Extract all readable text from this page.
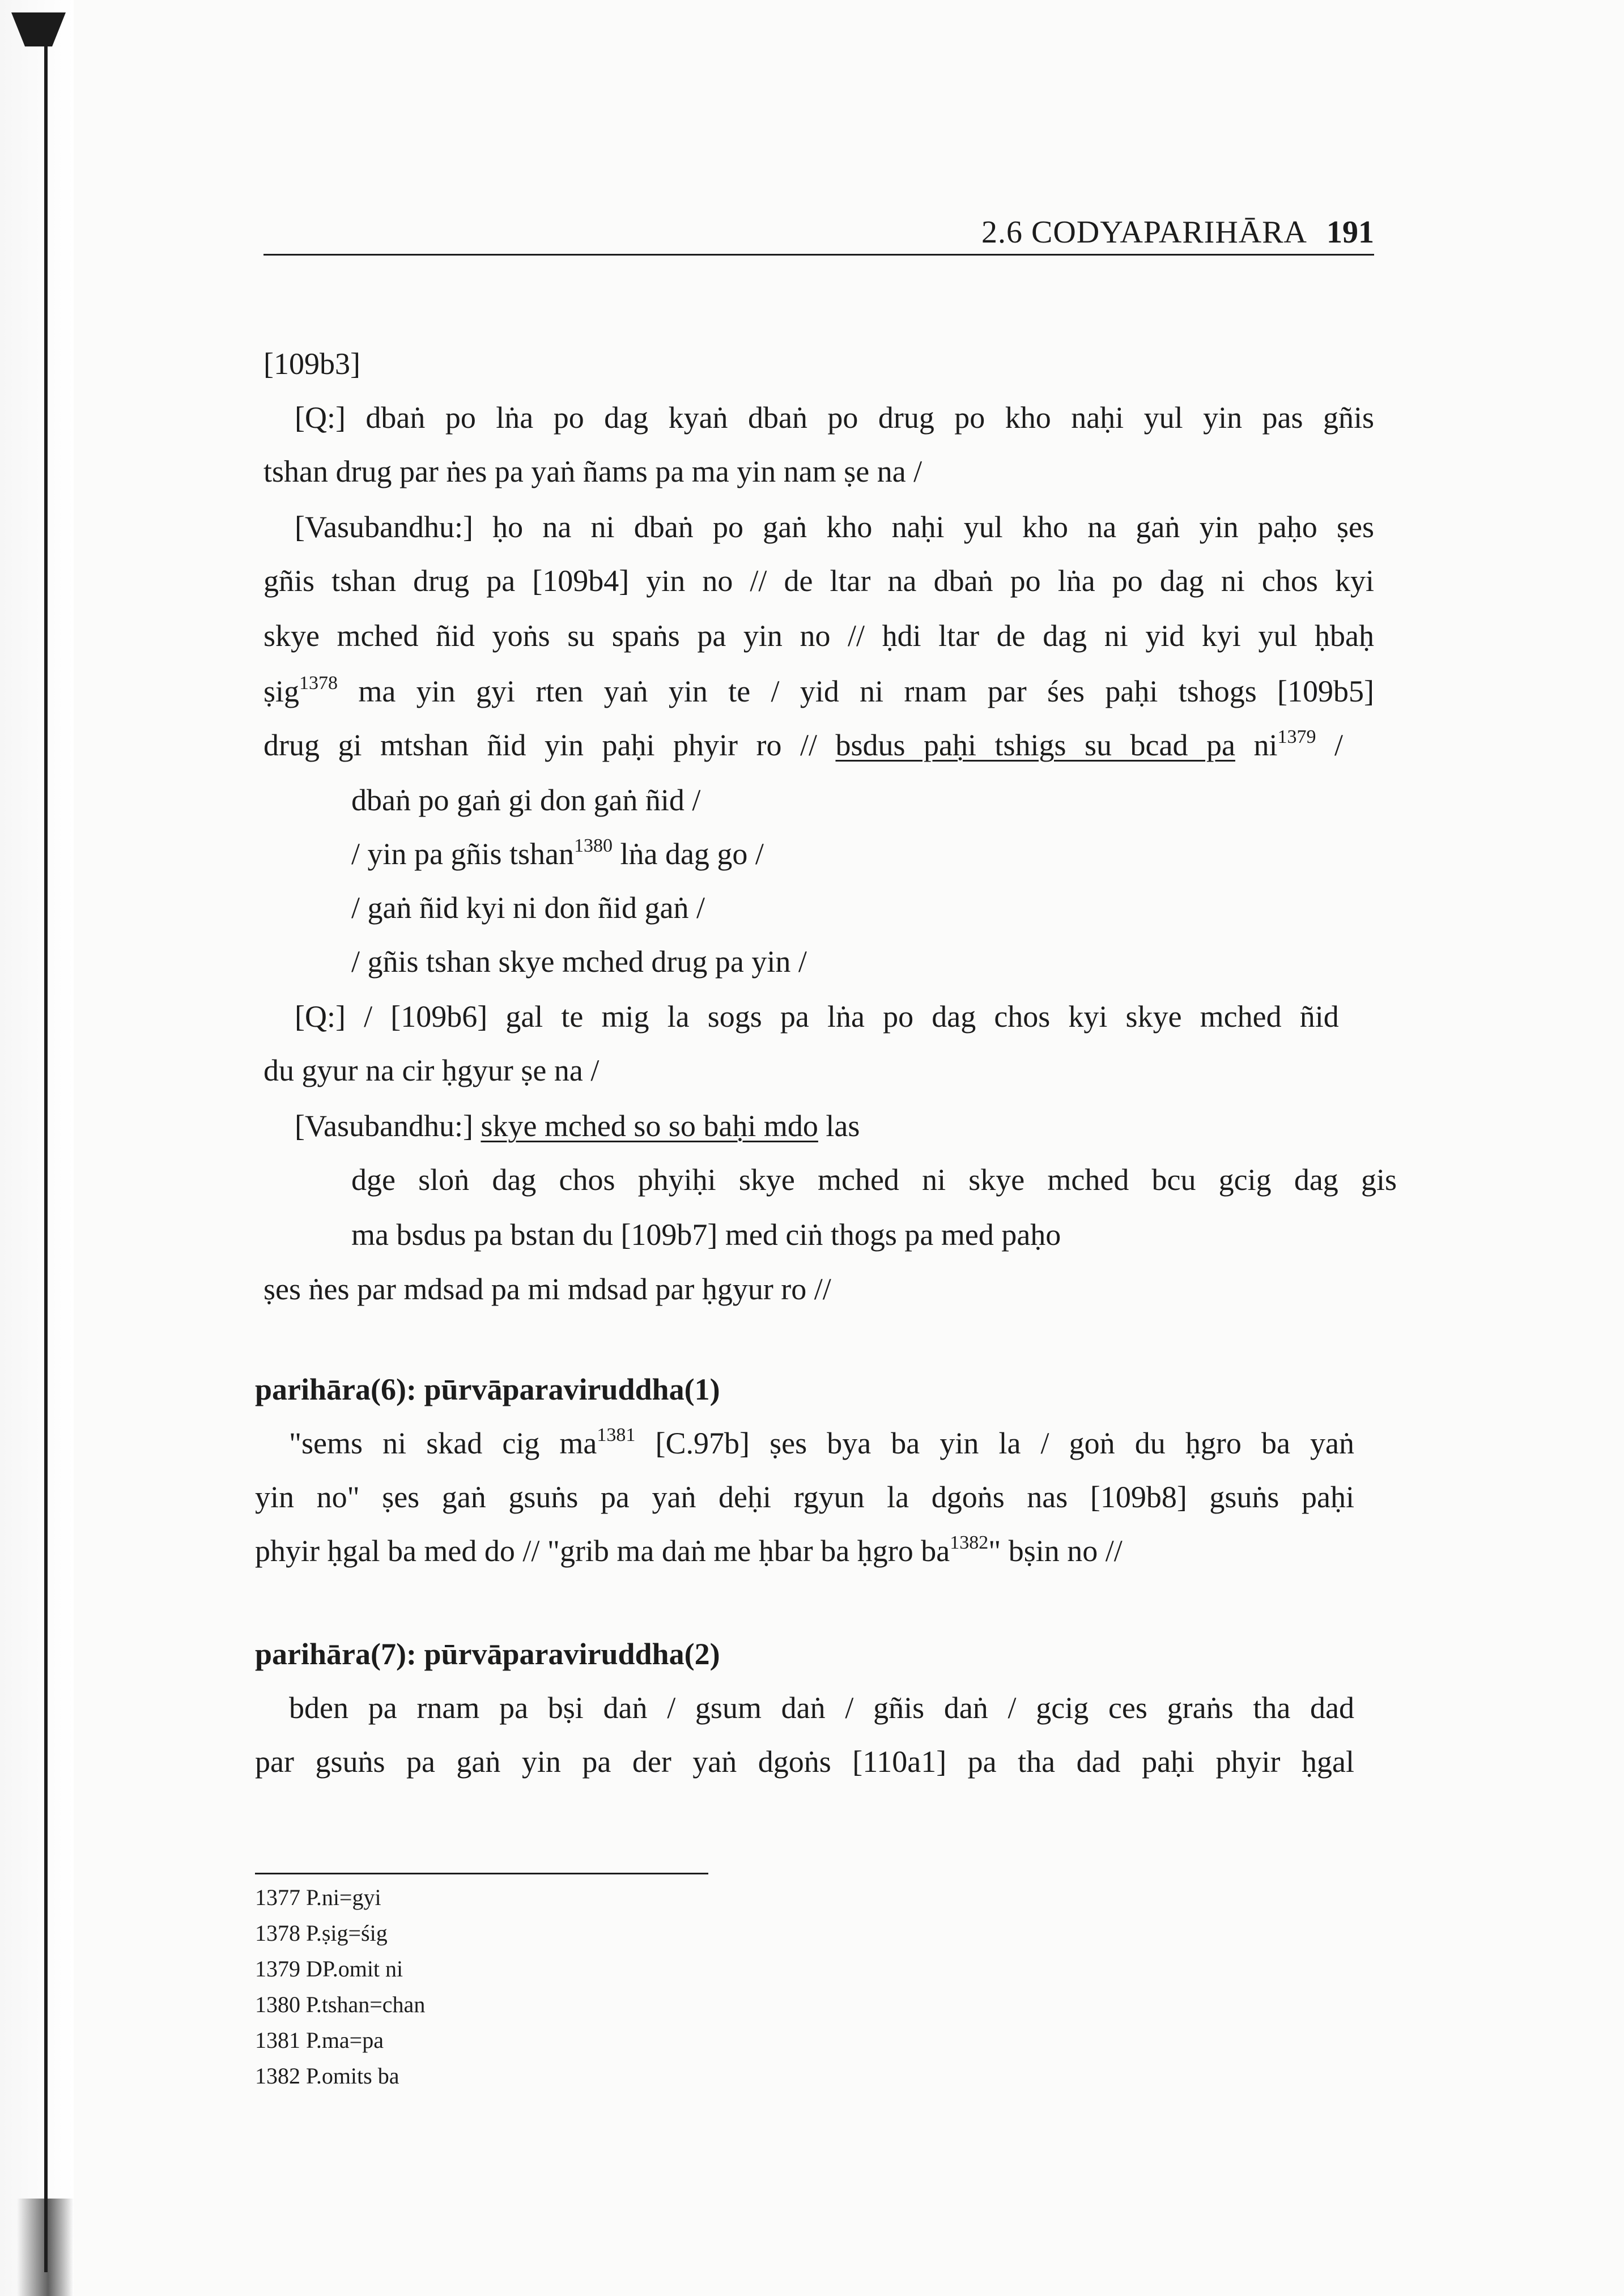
2.6 CODYAPARIHĀRA 191
[109b3]
[Q:] dbaṅ po lṅa po dag kyaṅ dbaṅ po drug po kho naḥi yul yin pas gñis
tshan drug par ṅes pa yaṅ ñams pa ma yin nam ṣe na /
[Vasubandhu:] ḥo na ni dbaṅ po gaṅ kho naḥi yul kho na gaṅ yin paḥo ṣes
gñis tshan drug pa [109b4] yin no // de ltar na dbaṅ po lṅa po dag ni chos kyi
skye mched ñid yoṅs su spaṅs pa yin no // ḥdi ltar de dag ni yid kyi yul ḥbaḥ
ṣig$^{1378}$ ma yin gyi rten yaṅ yin te / yid ni rnam par śes paḥi tshogs [109b5]
drug gi mtshan ñid yin paḥi phyir ro // bsdus paḥi tshigs su bcad pa $ni^{1379}$ /
dbaṅ po gaṅ gi don gaṅ ñid /
/ yin pa gñis tshan$^{1380}$ lṅa dag go /
/ gaṅ ñid kyi ni don ñid gaṅ /
/ gñis tshan skye mched drug pa yin /
[Q:] / [109b6] gal te mig la sogs pa lṅa po dag chos kyi skye mched ñid
du gyur na cir ḥgyur ṣe na /
[Vasubandhu:] skye mched so so baḥi mdo las
dge sloṅ dag chos phyiḥi skye mched ni skye mched bcu gcig dag gis
ma bsdus pa bstan du [109b7] med ciṅ thogs pa med paḥo
ṣes ṅes par mdsad pa mi mdsad par ḥgyur ro //
parihāra(6): pūrvāparaviruddha(1)
"sems ni skad cig $ma^{1381}$ [C.97b] ṣes bya ba yin la / goṅ du ḥgro ba yaṅ
yin no" ṣes gaṅ gsuṅs pa yaṅ deḥi rgyun la dgoṅs nas [109b8] gsuṅs paḥi
phyir ḥgal ba med do // "grib ma daṅ me ḥbar ba ḥgro $ba^{1382}$" bṣin no //
parihāra(7): pūrvāparaviruddha(2)
bden pa rnam pa bṣi daṅ / gsum daṅ / gñis daṅ / gcig ces graṅs tha dad
par gsuṅs pa gaṅ yin pa der yaṅ dgoṅs [110a1] pa tha dad paḥi phyir ḥgal
1377 P.ni=gyi
1378 P.ṣig=śig
1379 DP.omit ni
1380 P.tshan=chan
1381 P.ma=pa
1382 P.omits ba
